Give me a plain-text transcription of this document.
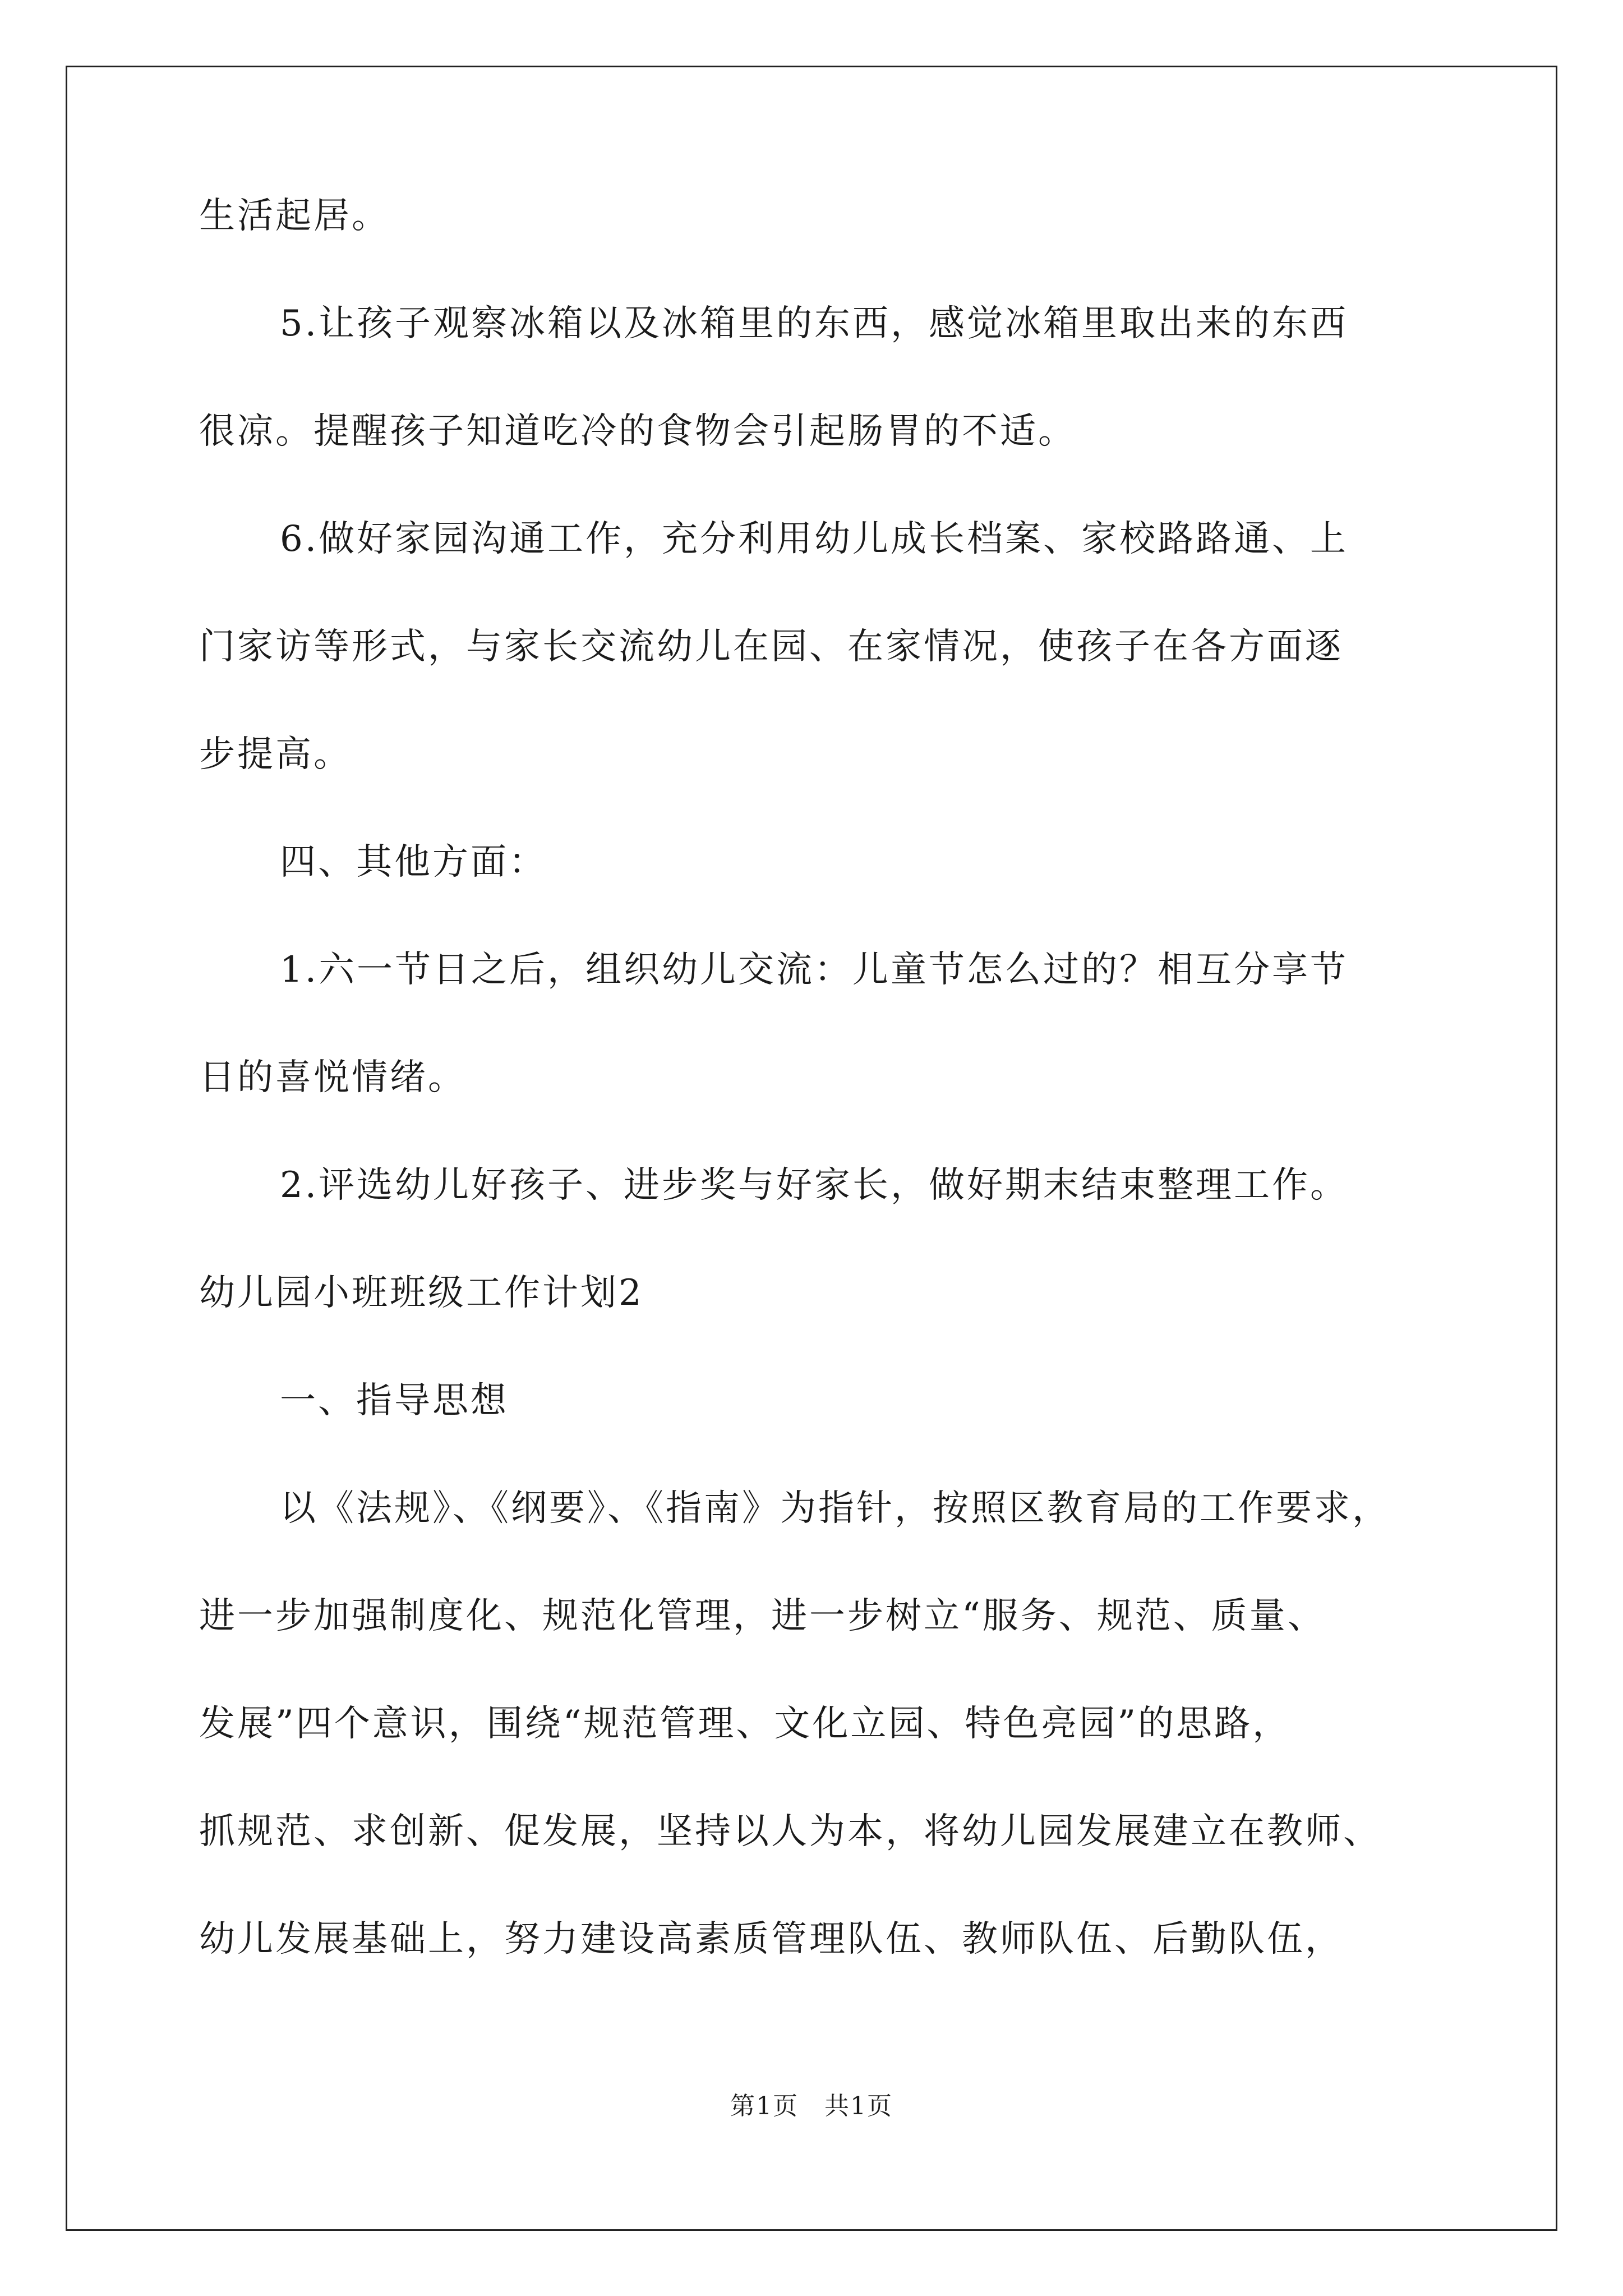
生活起居。
5.让孩子观察冰箱以及冰箱里的东西，感觉冰箱里取出来的东西
很凉。提醒孩子知道吃冷的食物会引起肠胃的不适。
6.做好家园沟通工作，充分利用幼儿成长档案、家校路路通、上
门家访等形式，与家长交流幼儿在园、在家情况，使孩子在各方面逐
步提高。
四、其他方面：
1.六一节日之后，组织幼儿交流：儿童节怎么过的？相互分享节
日的喜悦情绪。
2.评选幼儿好孩子、进步奖与好家长，做好期末结束整理工作。
幼儿园小班班级工作计划2
一、指导思想
以《法规》、《纲要》、《指南》为指针，按照区教育局的工作要求，
进一步加强制度化、规范化管理，进一步树立“服务、规范、质量、
发展”四个意识，围绕“规范管理、文化立园、特色亮园”的思路，
抓规范、求创新、促发展，坚持以人为本，将幼儿园发展建立在教师、
幼儿发展基础上，努力建设高素质管理队伍、教师队伍、后勤队伍，
第1页　共1页
